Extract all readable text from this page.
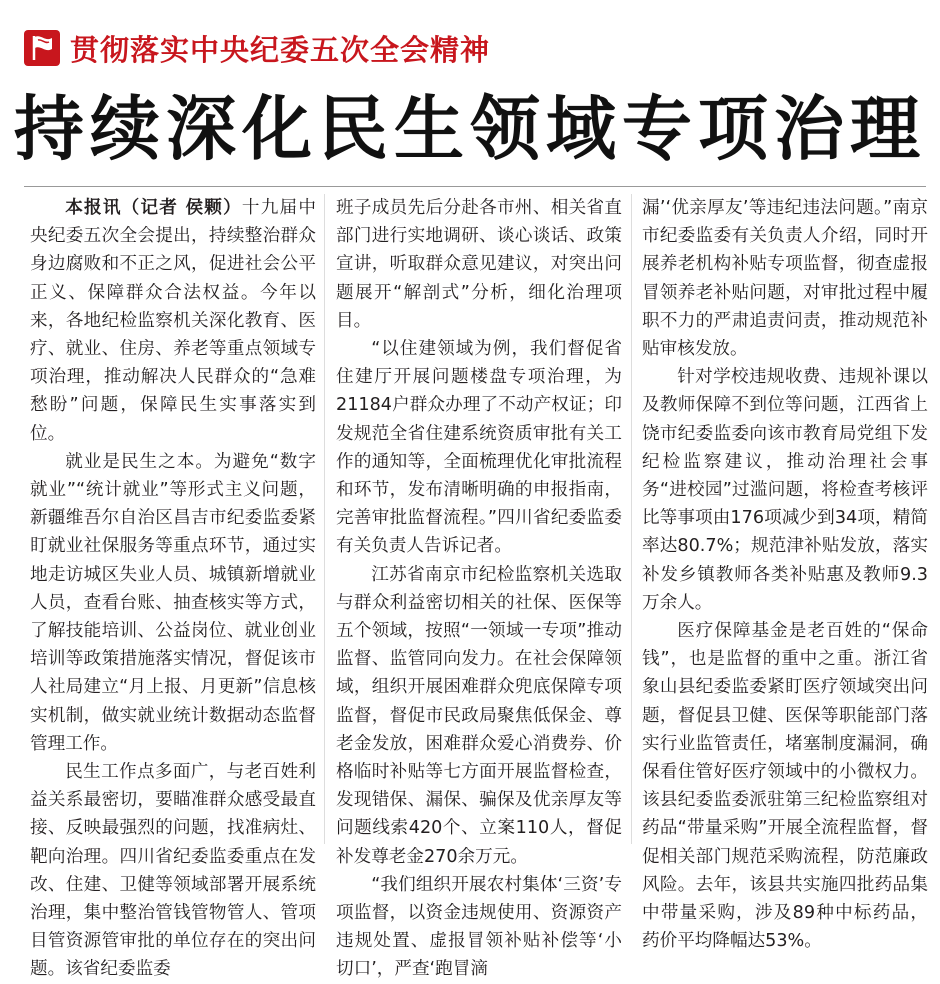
贯彻落实中央纪委五次全会精神
持续深化民生领域专项治理

本报讯（记者 侯颗）十九届中央纪委五次全会提出，持续整治群众身边腐败和不正之风，促进社会公平正义、保障群众合法权益。今年以来，各地纪检监察机关深化教育、医疗、就业、住房、养老等重点领域专项治理，推动解决人民群众的“急难愁盼”问题，保障民生实事落实到位。

就业是民生之本。为避免“数字就业”“统计就业”等形式主义问题，新疆维吾尔自治区昌吉市纪委监委紧盯就业社保服务等重点环节，通过实地走访城区失业人员、城镇新增就业人员，查看台账、抽查核实等方式，了解技能培训、公益岗位、就业创业培训等政策措施落实情况，督促该市人社局建立“月上报、月更新”信息核实机制，做实就业统计数据动态监督管理工作。

民生工作点多面广，与老百姓利益关系最密切，要瞄准群众感受最直接、反映最强烈的问题，找准病灶、靶向治理。四川省纪委监委重点在发改、住建、卫健等领域部署开展系统治理，集中整治管钱管物管人、管项目管资源管审批的单位存在的突出问题。该省纪委监委

班子成员先后分赴各市州、相关省直部门进行实地调研、谈心谈话、政策宣讲，听取群众意见建议，对突出问题展开“解剖式”分析，细化治理项目。

“以住建领域为例，我们督促省住建厅开展问题楼盘专项治理，为21184户群众办理了不动产权证；印发规范全省住建系统资质审批有关工作的通知等，全面梳理优化审批流程和环节，发布清晰明确的申报指南，完善审批监督流程。”四川省纪委监委有关负责人告诉记者。

江苏省南京市纪检监察机关选取与群众利益密切相关的社保、医保等五个领域，按照“一领域一专项”推动监督、监管同向发力。在社会保障领域，组织开展困难群众兜底保障专项监督，督促市民政局聚焦低保金、尊老金发放，困难群众爱心消费券、价格临时补贴等七方面开展监督检查，发现错保、漏保、骗保及优亲厚友等问题线索420个、立案110人，督促补发尊老金270余万元。

“我们组织开展农村集体‘三资’专项监督，以资金违规使用、资源资产违规处置、虚报冒领补贴补偿等‘小切口’，严查‘跑冒滴

漏’‘优亲厚友’等违纪违法问题。”南京市纪委监委有关负责人介绍，同时开展养老机构补贴专项监督，彻查虚报冒领养老补贴问题，对审批过程中履职不力的严肃追责问责，推动规范补贴审核发放。

针对学校违规收费、违规补课以及教师保障不到位等问题，江西省上饶市纪委监委向该市教育局党组下发纪检监察建议，推动治理社会事务“进校园”过滥问题，将检查考核评比等事项由176项减少到34项，精简率达80.7%；规范津补贴发放，落实补发乡镇教师各类补贴惠及教师9.3万余人。

医疗保障基金是老百姓的“保命钱”，也是监督的重中之重。浙江省象山县纪委监委紧盯医疗领域突出问题，督促县卫健、医保等职能部门落实行业监管责任，堵塞制度漏洞，确保看住管好医疗领域中的小微权力。该县纪委监委派驻第三纪检监察组对药品“带量采购”开展全流程监督，督促相关部门规范采购流程，防范廉政风险。去年，该县共实施四批药品集中带量采购，涉及89种中标药品，药价平均降幅达53%。
